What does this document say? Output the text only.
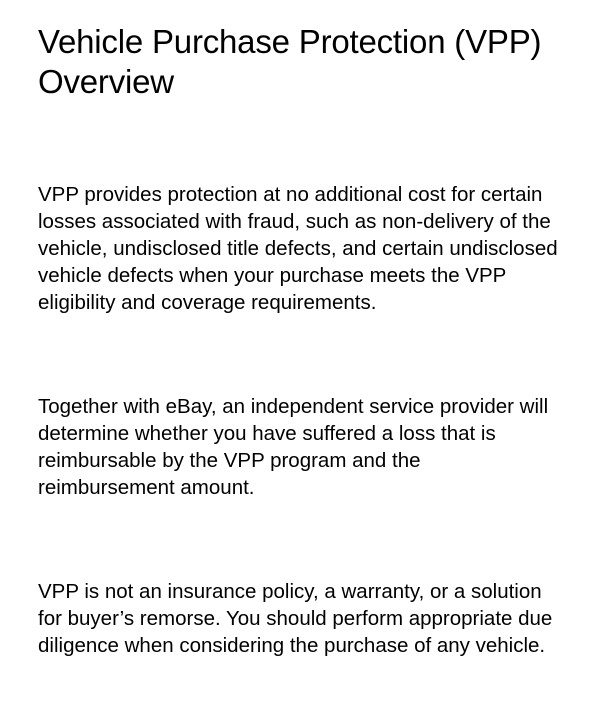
Vehicle Purchase Protection (VPP) Overview

VPP provides protection at no additional cost for certain losses associated with fraud, such as non-delivery of the vehicle, undisclosed title defects, and certain undisclosed vehicle defects when your purchase meets the VPP eligibility and coverage requirements.

Together with eBay, an independent service provider will determine whether you have suffered a loss that is reimbursable by the VPP program and the reimbursement amount.

VPP is not an insurance policy, a warranty, or a solution for buyer’s remorse. You should perform appropriate due diligence when considering the purchase of any vehicle.
